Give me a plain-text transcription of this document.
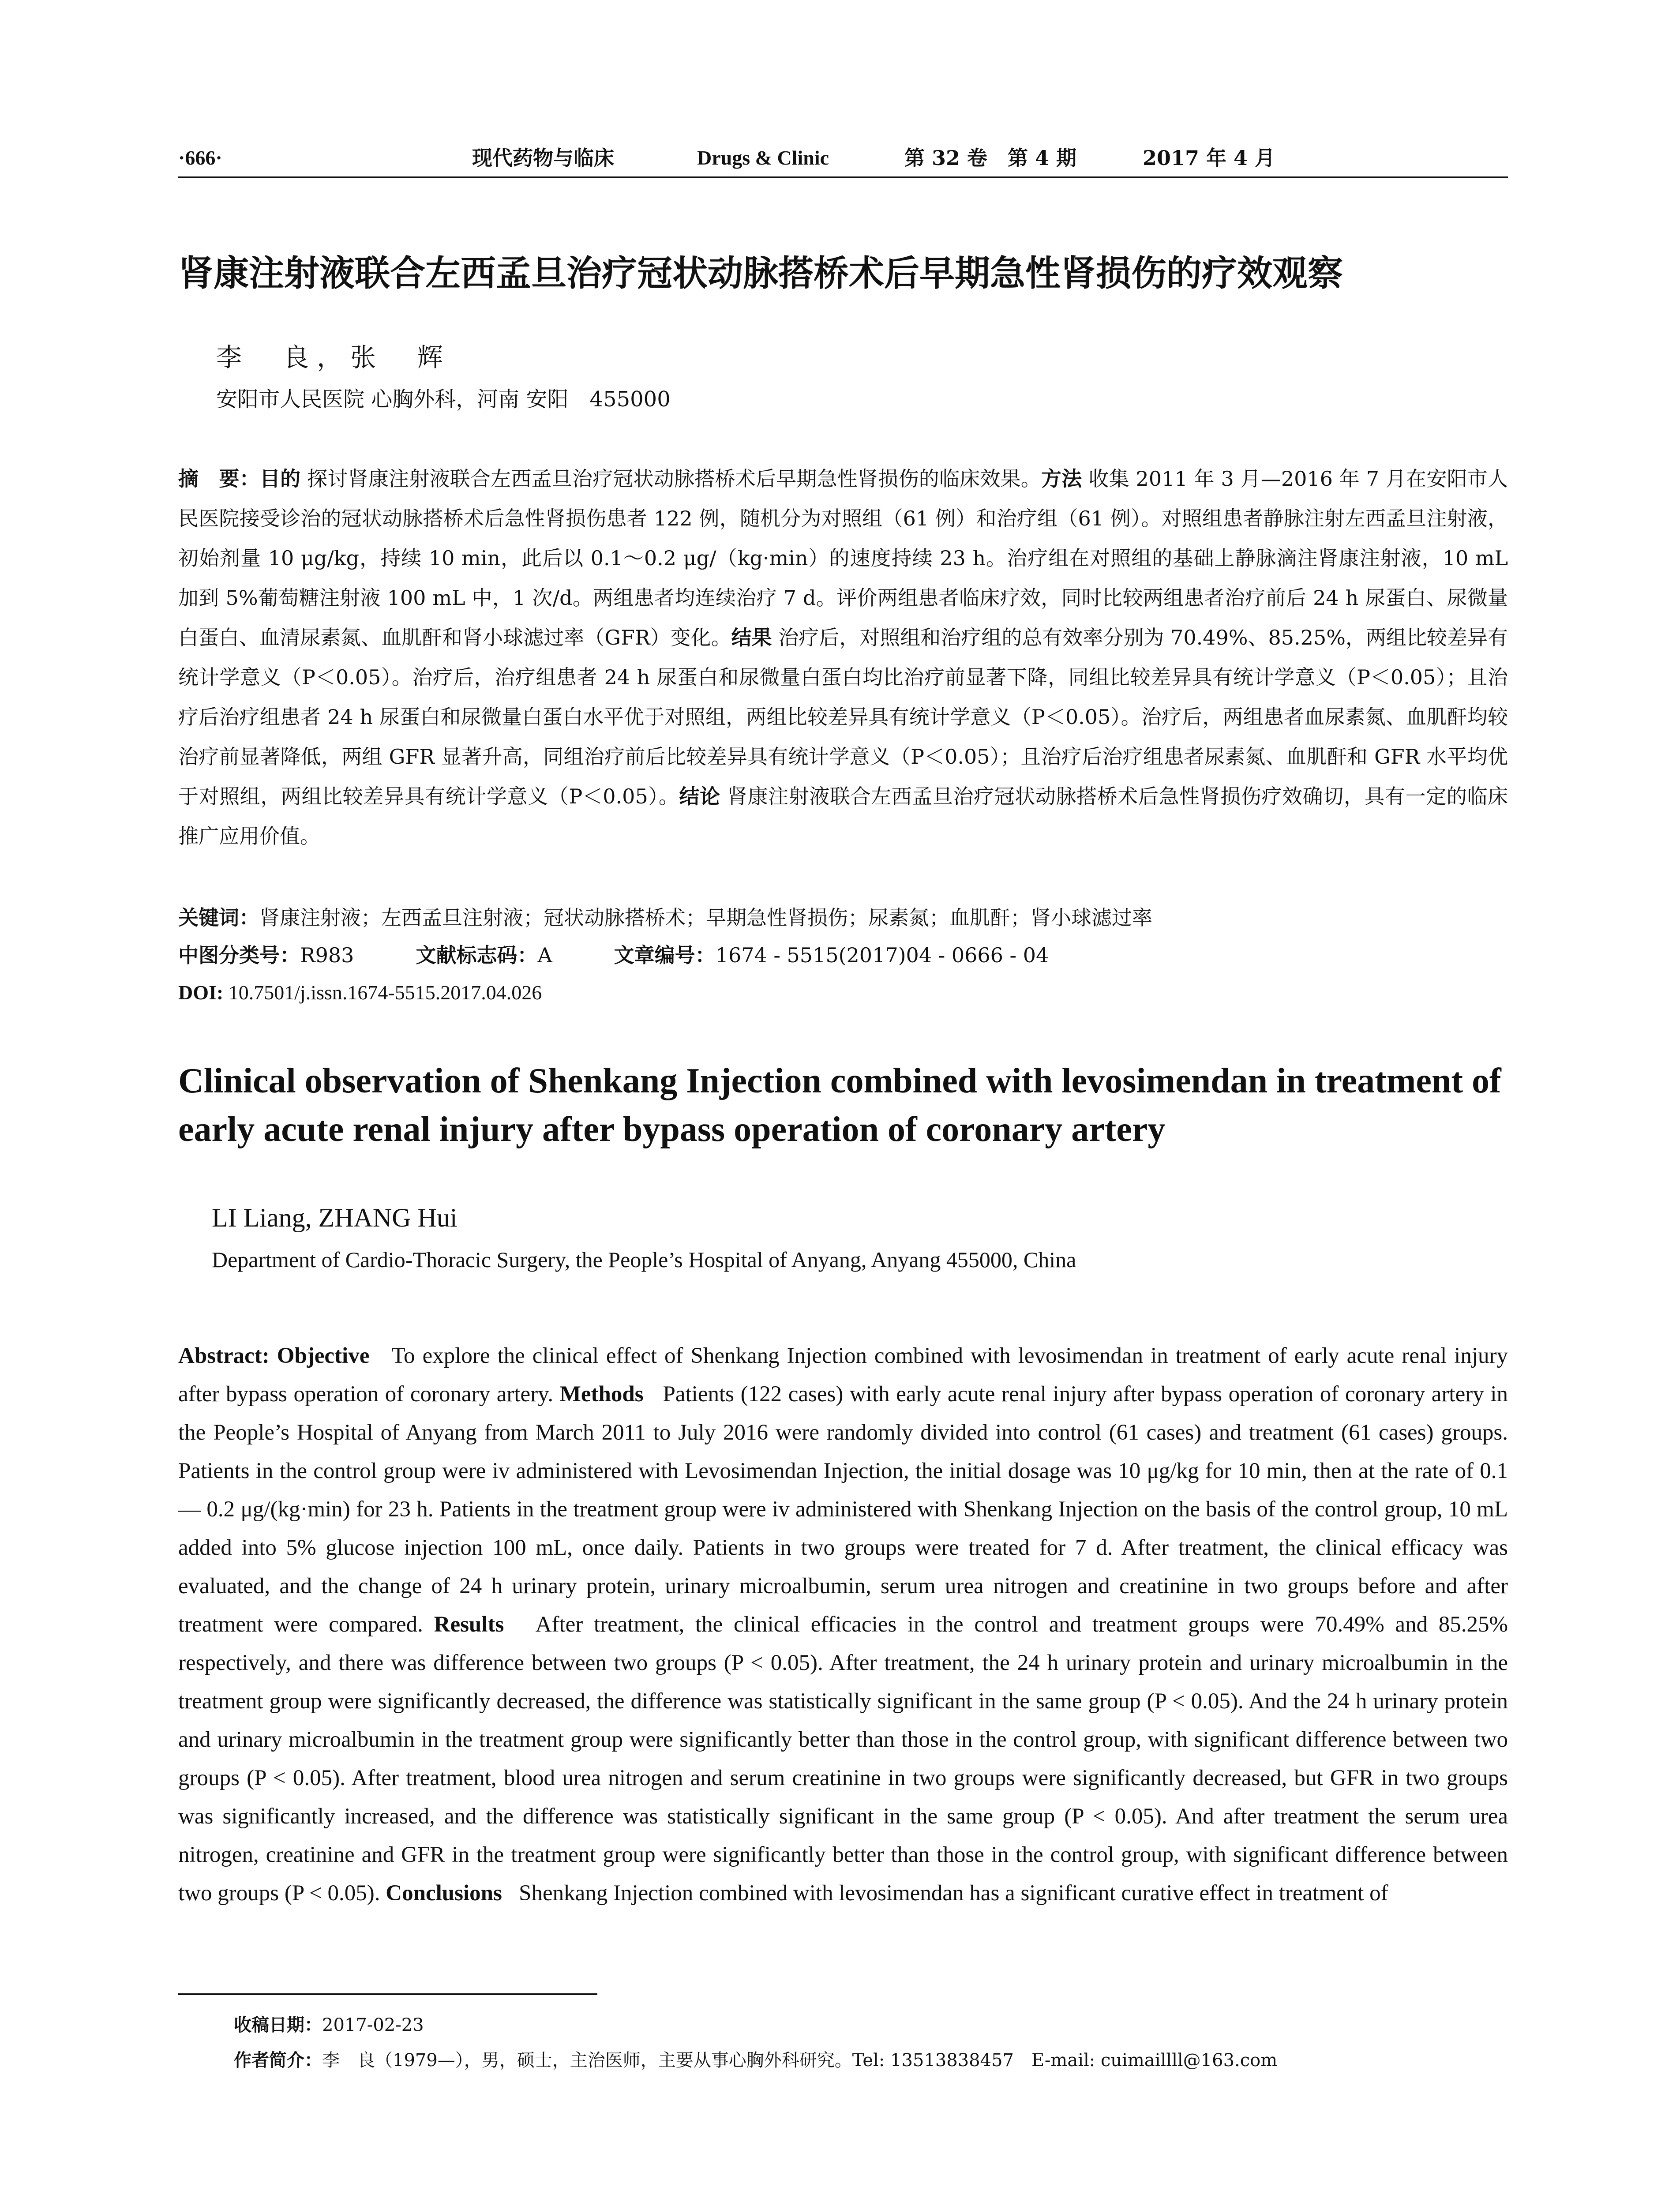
·666·	现代药物与临床	Drugs & Clinic	第 32 卷　第 4 期	2017 年 4 月
肾康注射液联合左西孟旦治疗冠状动脉搭桥术后早期急性肾损伤的疗效观察
李　良，张　辉
安阳市人民医院 心胸外科，河南 安阳　455000

摘　要：目的 探讨肾康注射液联合左西孟旦治疗冠状动脉搭桥术后早期急性肾损伤的临床效果。方法 收集 2011 年 3 月—2016 年 7 月在安阳市人民医院接受诊治的冠状动脉搭桥术后急性肾损伤患者 122 例，随机分为对照组（61 例）和治疗组（61 例）。对照组患者静脉注射左西孟旦注射液，初始剂量 10 μg/kg，持续 10 min，此后以 0.1～0.2 μg/（kg·min）的速度持续 23 h。治疗组在对照组的基础上静脉滴注肾康注射液，10 mL 加到 5%葡萄糖注射液 100 mL 中，1 次/d。两组患者均连续治疗 7 d。评价两组患者临床疗效，同时比较两组患者治疗前后 24 h 尿蛋白、尿微量白蛋白、血清尿素氮、血肌酐和肾小球滤过率（GFR）变化。结果 治疗后，对照组和治疗组的总有效率分别为 70.49%、85.25%，两组比较差异有统计学意义（P＜0.05）。治疗后，治疗组患者 24 h 尿蛋白和尿微量白蛋白均比治疗前显著下降，同组比较差异具有统计学意义（P＜0.05）；且治疗后治疗组患者 24 h 尿蛋白和尿微量白蛋白水平优于对照组，两组比较差异具有统计学意义（P＜0.05）。治疗后，两组患者血尿素氮、血肌酐均较治疗前显著降低，两组 GFR 显著升高，同组治疗前后比较差异具有统计学意义（P＜0.05）；且治疗后治疗组患者尿素氮、血肌酐和 GFR 水平均优于对照组，两组比较差异具有统计学意义（P＜0.05）。结论 肾康注射液联合左西孟旦治疗冠状动脉搭桥术后急性肾损伤疗效确切，具有一定的临床推广应用价值。

关键词：肾康注射液；左西孟旦注射液；冠状动脉搭桥术；早期急性肾损伤；尿素氮；血肌酐；肾小球滤过率
中图分类号：R983	文献标志码：A	文章编号：1674 - 5515(2017)04 - 0666 - 04
DOI: 10.7501/j.issn.1674-5515.2017.04.026
Clinical observation of Shenkang Injection combined with levosimendan in treatment of early acute renal injury after bypass operation of coronary artery
LI Liang, ZHANG Hui
Department of Cardio-Thoracic Surgery, the People’s Hospital of Anyang, Anyang 455000, China

Abstract: Objective To explore the clinical effect of Shenkang Injection combined with levosimendan in treatment of early acute renal injury after bypass operation of coronary artery. Methods Patients (122 cases) with early acute renal injury after bypass operation of coronary artery in the People’s Hospital of Anyang from March 2011 to July 2016 were randomly divided into control (61 cases) and treatment (61 cases) groups. Patients in the control group were iv administered with Levosimendan Injection, the initial dosage was 10 μg/kg for 10 min, then at the rate of 0.1 — 0.2 μg/(kg·min) for 23 h. Patients in the treatment group were iv administered with Shenkang Injection on the basis of the control group, 10 mL added into 5% glucose injection 100 mL, once daily. Patients in two groups were treated for 7 d. After treatment, the clinical efficacy was evaluated, and the change of 24 h urinary protein, urinary microalbumin, serum urea nitrogen and creatinine in two groups before and after treatment were compared. Results After treatment, the clinical efficacies in the control and treatment groups were 70.49% and 85.25% respectively, and there was difference between two groups (P < 0.05). After treatment, the 24 h urinary protein and urinary microalbumin in the treatment group were significantly decreased, the difference was statistically significant in the same group (P < 0.05). And the 24 h urinary protein and urinary microalbumin in the treatment group were significantly better than those in the control group, with significant difference between two groups (P < 0.05). After treatment, blood urea nitrogen and serum creatinine in two groups were significantly decreased, but GFR in two groups was significantly increased, and the difference was statistically significant in the same group (P < 0.05). And after treatment the serum urea nitrogen, creatinine and GFR in the treatment group were significantly better than those in the control group, with significant difference between two groups (P < 0.05). Conclusions Shenkang Injection combined with levosimendan has a significant curative effect in treatment of

收稿日期：2017-02-23
作者简介：李　良（1979—），男，硕士，主治医师，主要从事心胸外科研究。Tel: 13513838457　E-mail: cuimaillll@163.com
